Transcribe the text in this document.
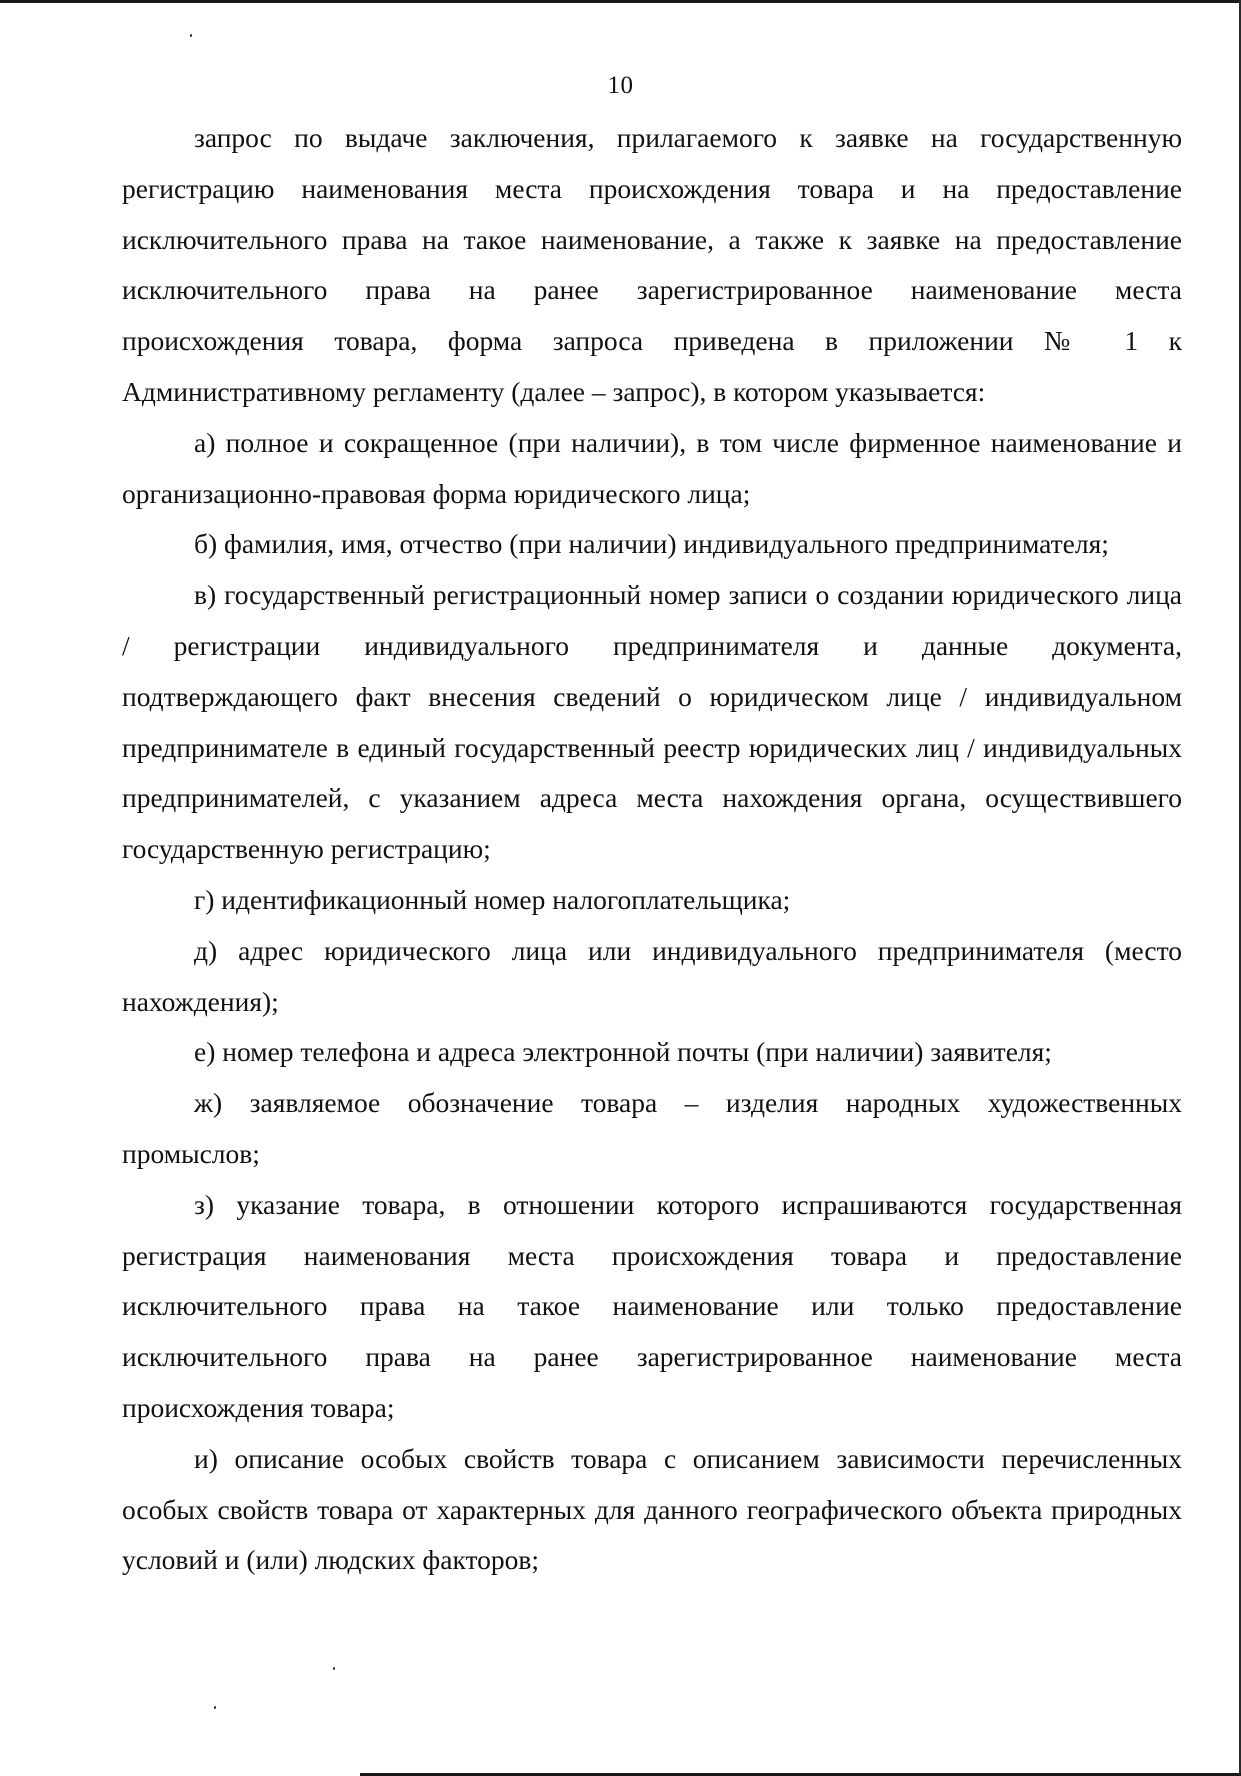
10

запрос по выдаче заключения, прилагаемого к заявке на государственную регистрацию наименования места происхождения товара и на предоставление исключительного права на такое наименование, а также к заявке на предоставление исключительного права на ранее зарегистрированное наименование места происхождения товара, форма запроса приведена в приложении № 1 к Административному регламенту (далее – запрос), в котором указывается:

а) полное и сокращенное (при наличии), в том числе фирменное наименование и организационно-правовая форма юридического лица;

б) фамилия, имя, отчество (при наличии) индивидуального предпринимателя;

в) государственный регистрационный номер записи о создании юридического лица / регистрации индивидуального предпринимателя и данные документа, подтверждающего факт внесения сведений о юридическом лице / индивидуальном предпринимателе в единый государственный реестр юридических лиц / индивидуальных предпринимателей, с указанием адреса места нахождения органа, осуществившего государственную регистрацию;

г) идентификационный номер налогоплательщика;

д) адрес юридического лица или индивидуального предпринимателя (место нахождения);

е) номер телефона и адреса электронной почты (при наличии) заявителя;

ж) заявляемое обозначение товара – изделия народных художественных промыслов;

з) указание товара, в отношении которого испрашиваются государственная регистрация наименования места происхождения товара и предоставление исключительного права на такое наименование или только предоставление исключительного права на ранее зарегистрированное наименование места происхождения товара;

и) описание особых свойств товара с описанием зависимости перечисленных особых свойств товара от характерных для данного географического объекта природных условий и (или) людских факторов;
